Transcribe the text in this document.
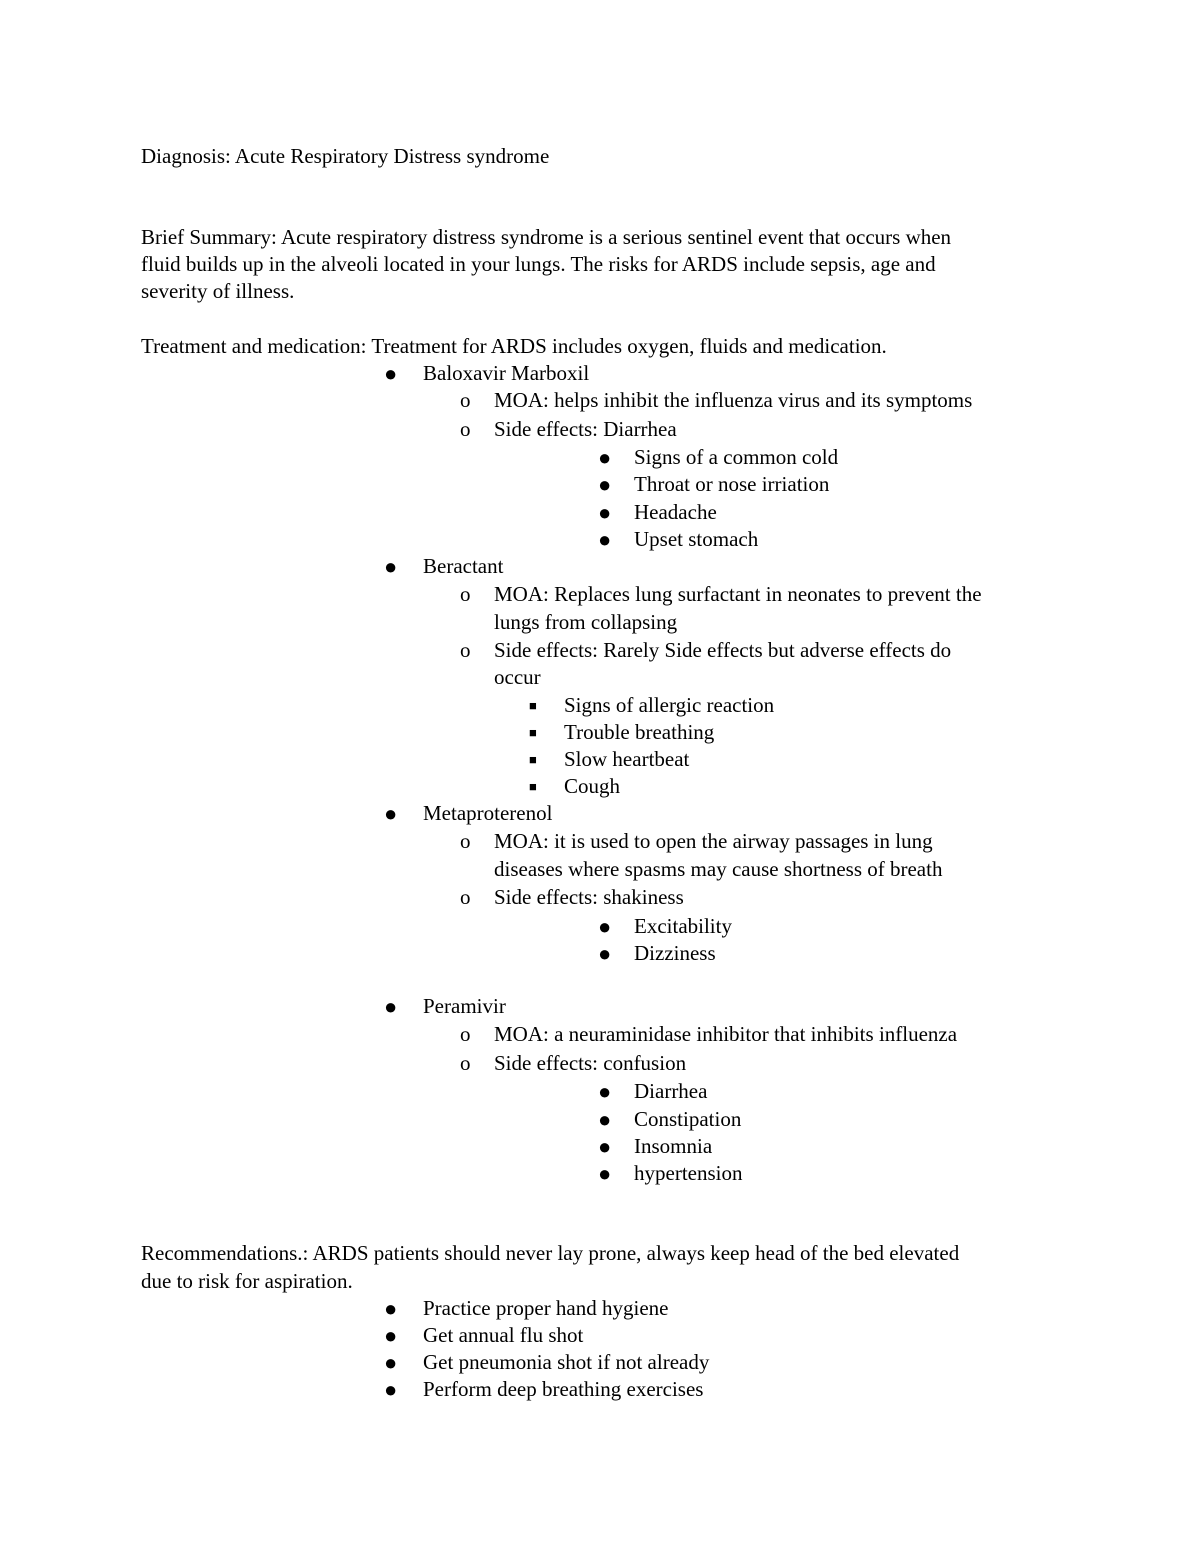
Diagnosis: Acute Respiratory Distress syndrome
Brief Summary: Acute respiratory distress syndrome is a serious sentinel event that occurs when
fluid builds up in the alveoli located in your lungs. The risks for ARDS include sepsis, age and
severity of illness.
Treatment and medication: Treatment for ARDS includes oxygen, fluids and medication.
● Baloxavir Marboxil
o MOA: helps inhibit the influenza virus and its symptoms
o Side effects: Diarrhea
● Signs of a common cold
● Throat or nose irriation
● Headache
● Upset stomach
● Beractant
o MOA: Replaces lung surfactant in neonates to prevent the
lungs from collapsing
o Side effects: Rarely Side effects but adverse effects do
occur
■ Signs of allergic reaction
■ Trouble breathing
■ Slow heartbeat
■ Cough
● Metaproterenol
o MOA: it is used to open the airway passages in lung
diseases where spasms may cause shortness of breath
o Side effects: shakiness
● Excitability
● Dizziness
● Peramivir
o MOA: a neuraminidase inhibitor that inhibits influenza
o Side effects: confusion
● Diarrhea
● Constipation
● Insomnia
● hypertension
Recommendations.: ARDS patients should never lay prone, always keep head of the bed elevated
due to risk for aspiration.
● Practice proper hand hygiene
● Get annual flu shot
● Get pneumonia shot if not already
● Perform deep breathing exercises
